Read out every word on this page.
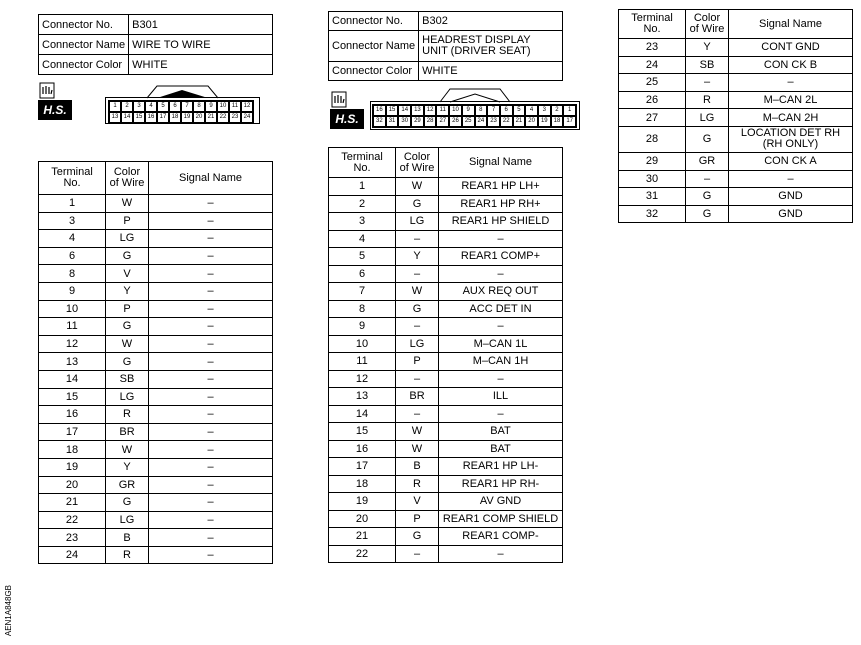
Connector No.	B301
Connector Name	WIRE TO WIRE
Connector Color	WHITE
H.S.	1	2	3	4	5	6	7	8	9	10 11 12
13 14 15 16 17 18 19 20 21 22 23 24
Terminal No.	Color of Wire	Signal Name
1	W	–
3	P	–
4	LG	–
6	G	–
8	V	–
9	Y	–
10	P	–
11	G	–
12	W	–
13	G	–
14	SB	–
15	LG	–
16	R	–
17	BR	–
18	W	–
19	Y	–
20	GR	–
21	G	–
22	LG	–
23	B	–
24	R	–
Connector No.	B302
Connector Name	HEADREST DISPLAY UNIT (DRIVER SEAT)
Connector Color	WHITE
H.S.
16	15	14	13	12	11	10	9	8	7	6	5	4	3	2	1
32	31	30	29	28	27	26	25	24	23	22	21	20	19	18	17
Terminal No.	Color of Wire	Signal Name
1	W	REAR1 HP LH+
2	G	REAR1 HP RH+
3	LG	REAR1 HP SHIELD
4	–	–
5	Y	REAR1 COMP+
6	–	–
7	W	AUX REQ OUT
8	G	ACC DET IN
9	–	–
10	LG	M–CAN 1L
11	P	M–CAN 1H
12	–	–
13	BR	ILL
14	–	–
15	W	BAT
16	W	BAT
17	B	REAR1 HP LH-
18	R	REAR1 HP RH-
19	V	AV GND
20	P	REAR1 COMP SHIELD
21	G	REAR1 COMP-
22	–	–
Terminal No.	Color of Wire	Signal Name
23	Y	CONT GND
24	SB	CON CK B
25	–	–
26	R	M–CAN 2L
27	LG	M–CAN 2H
28	G	LOCATION DET RH (RH ONLY)
29	GR	CON CK A
30	–	–
31	G	GND
32	G	GND
AEN1A848GB
